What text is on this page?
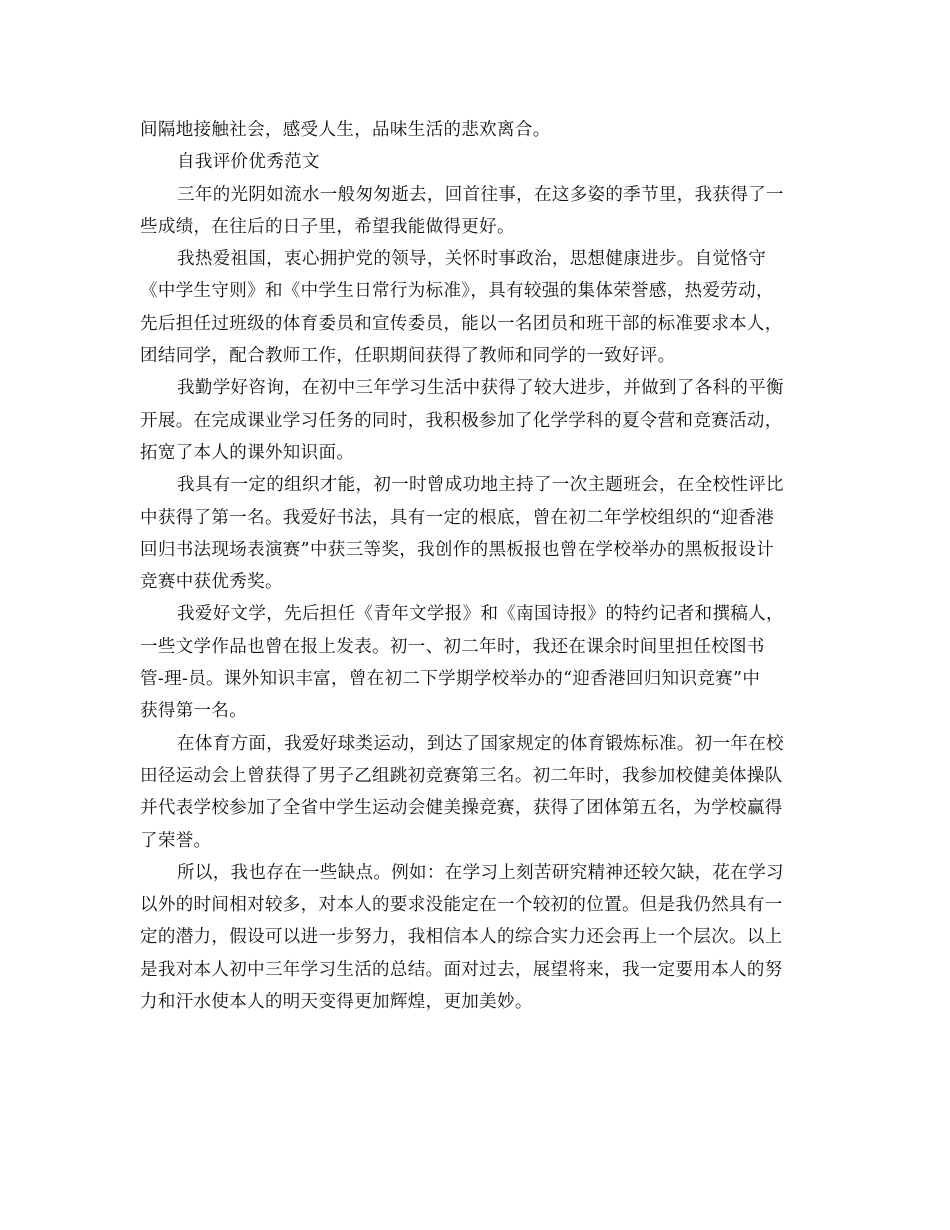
间隔地接触社会，感受人生，品味生活的悲欢离合。
自我评价优秀范文
三年的光阴如流水一般匆匆逝去，回首往事，在这多姿的季节里，我获得了一
些成绩，在往后的日子里，希望我能做得更好。
我热爱祖国，衷心拥护党的领导，关怀时事政治，思想健康进步。自觉恪守
《中学生守则》和《中学生日常行为标准》，具有较强的集体荣誉感，热爱劳动，
先后担任过班级的体育委员和宣传委员，能以一名团员和班干部的标准要求本人，
团结同学，配合教师工作，任职期间获得了教师和同学的一致好评。
我勤学好咨询，在初中三年学习生活中获得了较大进步，并做到了各科的平衡
开展。在完成课业学习任务的同时，我积极参加了化学学科的夏令营和竞赛活动，
拓宽了本人的课外知识面。
我具有一定的组织才能，初一时曾成功地主持了一次主题班会，在全校性评比
中获得了第一名。我爱好书法，具有一定的根底，曾在初二年学校组织的“迎香港
回归书法现场表演赛”中获三等奖，我创作的黑板报也曾在学校举办的黑板报设计
竞赛中获优秀奖。
我爱好文学，先后担任《青年文学报》和《南国诗报》的特约记者和撰稿人，
一些文学作品也曾在报上发表。初一、初二年时，我还在课余时间里担任校图书
管-理-员。课外知识丰富，曾在初二下学期学校举办的“迎香港回归知识竞赛”中
获得第一名。
在体育方面，我爱好球类运动，到达了国家规定的体育锻炼标准。初一年在校
田径运动会上曾获得了男子乙组跳初竞赛第三名。初二年时，我参加校健美体操队
并代表学校参加了全省中学生运动会健美操竞赛，获得了团体第五名，为学校赢得
了荣誉。
所以，我也存在一些缺点。例如：在学习上刻苦研究精神还较欠缺，花在学习
以外的时间相对较多，对本人的要求没能定在一个较初的位置。但是我仍然具有一
定的潜力，假设可以进一步努力，我相信本人的综合实力还会再上一个层次。以上
是我对本人初中三年学习生活的总结。面对过去，展望将来，我一定要用本人的努
力和汗水使本人的明天变得更加辉煌，更加美妙。
